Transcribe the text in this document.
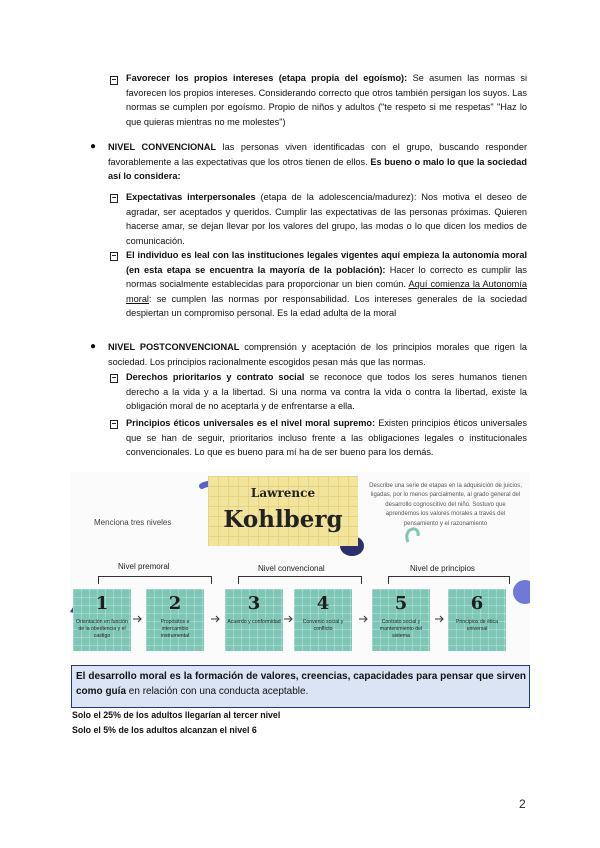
Favorecer los propios intereses (etapa propia del egoísmo): Se asumen las normas si favorecen los propios intereses. Considerando correcto que otros también persigan los suyos. Las normas se cumplen por egoísmo. Propio de niños y adultos ("te respeto si me respetas" "Haz lo que quieras mientras no me molestes")
● NIVEL CONVENCIONAL las personas viven identificadas con el grupo, buscando responder favorablemente a las expectativas que los otros tienen de ellos. Es bueno o malo lo que la sociedad así lo considera:
Expectativas interpersonales (etapa de la adolescencia/madurez): Nos motiva el deseo de agradar, ser aceptados y queridos. Cumplir las expectativas de las personas próximas. Quieren hacerse amar, se dejan llevar por los valores del grupo, las modas o lo que dicen los medios de comunicación.
El individuo es leal con las instituciones legales vigentes aquí empieza la autonomía moral (en esta etapa se encuentra la mayoría de la población): Hacer lo correcto es cumplir las normas socialmente establecidas para proporcionar un bien común. Aquí comienza la Autonomía moral: se cumplen las normas por responsabilidad. Los intereses generales de la sociedad despiertan un compromiso personal. Es la edad adulta de la moral
● NIVEL POSTCONVENCIONAL comprensión y aceptación de los principios morales que rigen la sociedad. Los principios racionalmente escogidos pesan más que las normas.
Derechos prioritarios y contrato social se reconoce que todos los seres humanos tienen derecho a la vida y a la libertad. Si una norma va contra la vida o contra la libertad, existe la obligación moral de no aceptarla y de enfrentarse a ella.
Principios éticos universales es el nivel moral supremo: Existen principios éticos universales que se han de seguir, prioritarios incluso frente a las obligaciones legales o institucionales convencionales. Lo que es bueno para mí ha de ser bueno para los demás.
Lawrence
Kohlberg
Describe una serie de etapas en la adquisición de juicios, ligadas, por lo menos parcialmente, al grado general del desarrollo cognoscitivo del niño. Sostuvo que aprendemos los valores morales a través del pensamiento y el razonamiento
Menciona tres niveles
Nivel premoral	Nivel convencional	Nivel de principios
1
Orientación en función de la obediencia y el castigo
2
Propósitos e intercambio instrumental
3
Acuerdo y conformidad
4
Convenio social y conflicto
5
Contrato social y mantenimiento del sistema
6
Principios de ética universal
El desarrollo moral es la formación de valores, creencias, capacidades para pensar que sirven como guía en relación con una conducta aceptable.
Solo el 25% de los adultos llegarían al tercer nivel
Solo el 5% de los adultos alcanzan el nivel 6
2
